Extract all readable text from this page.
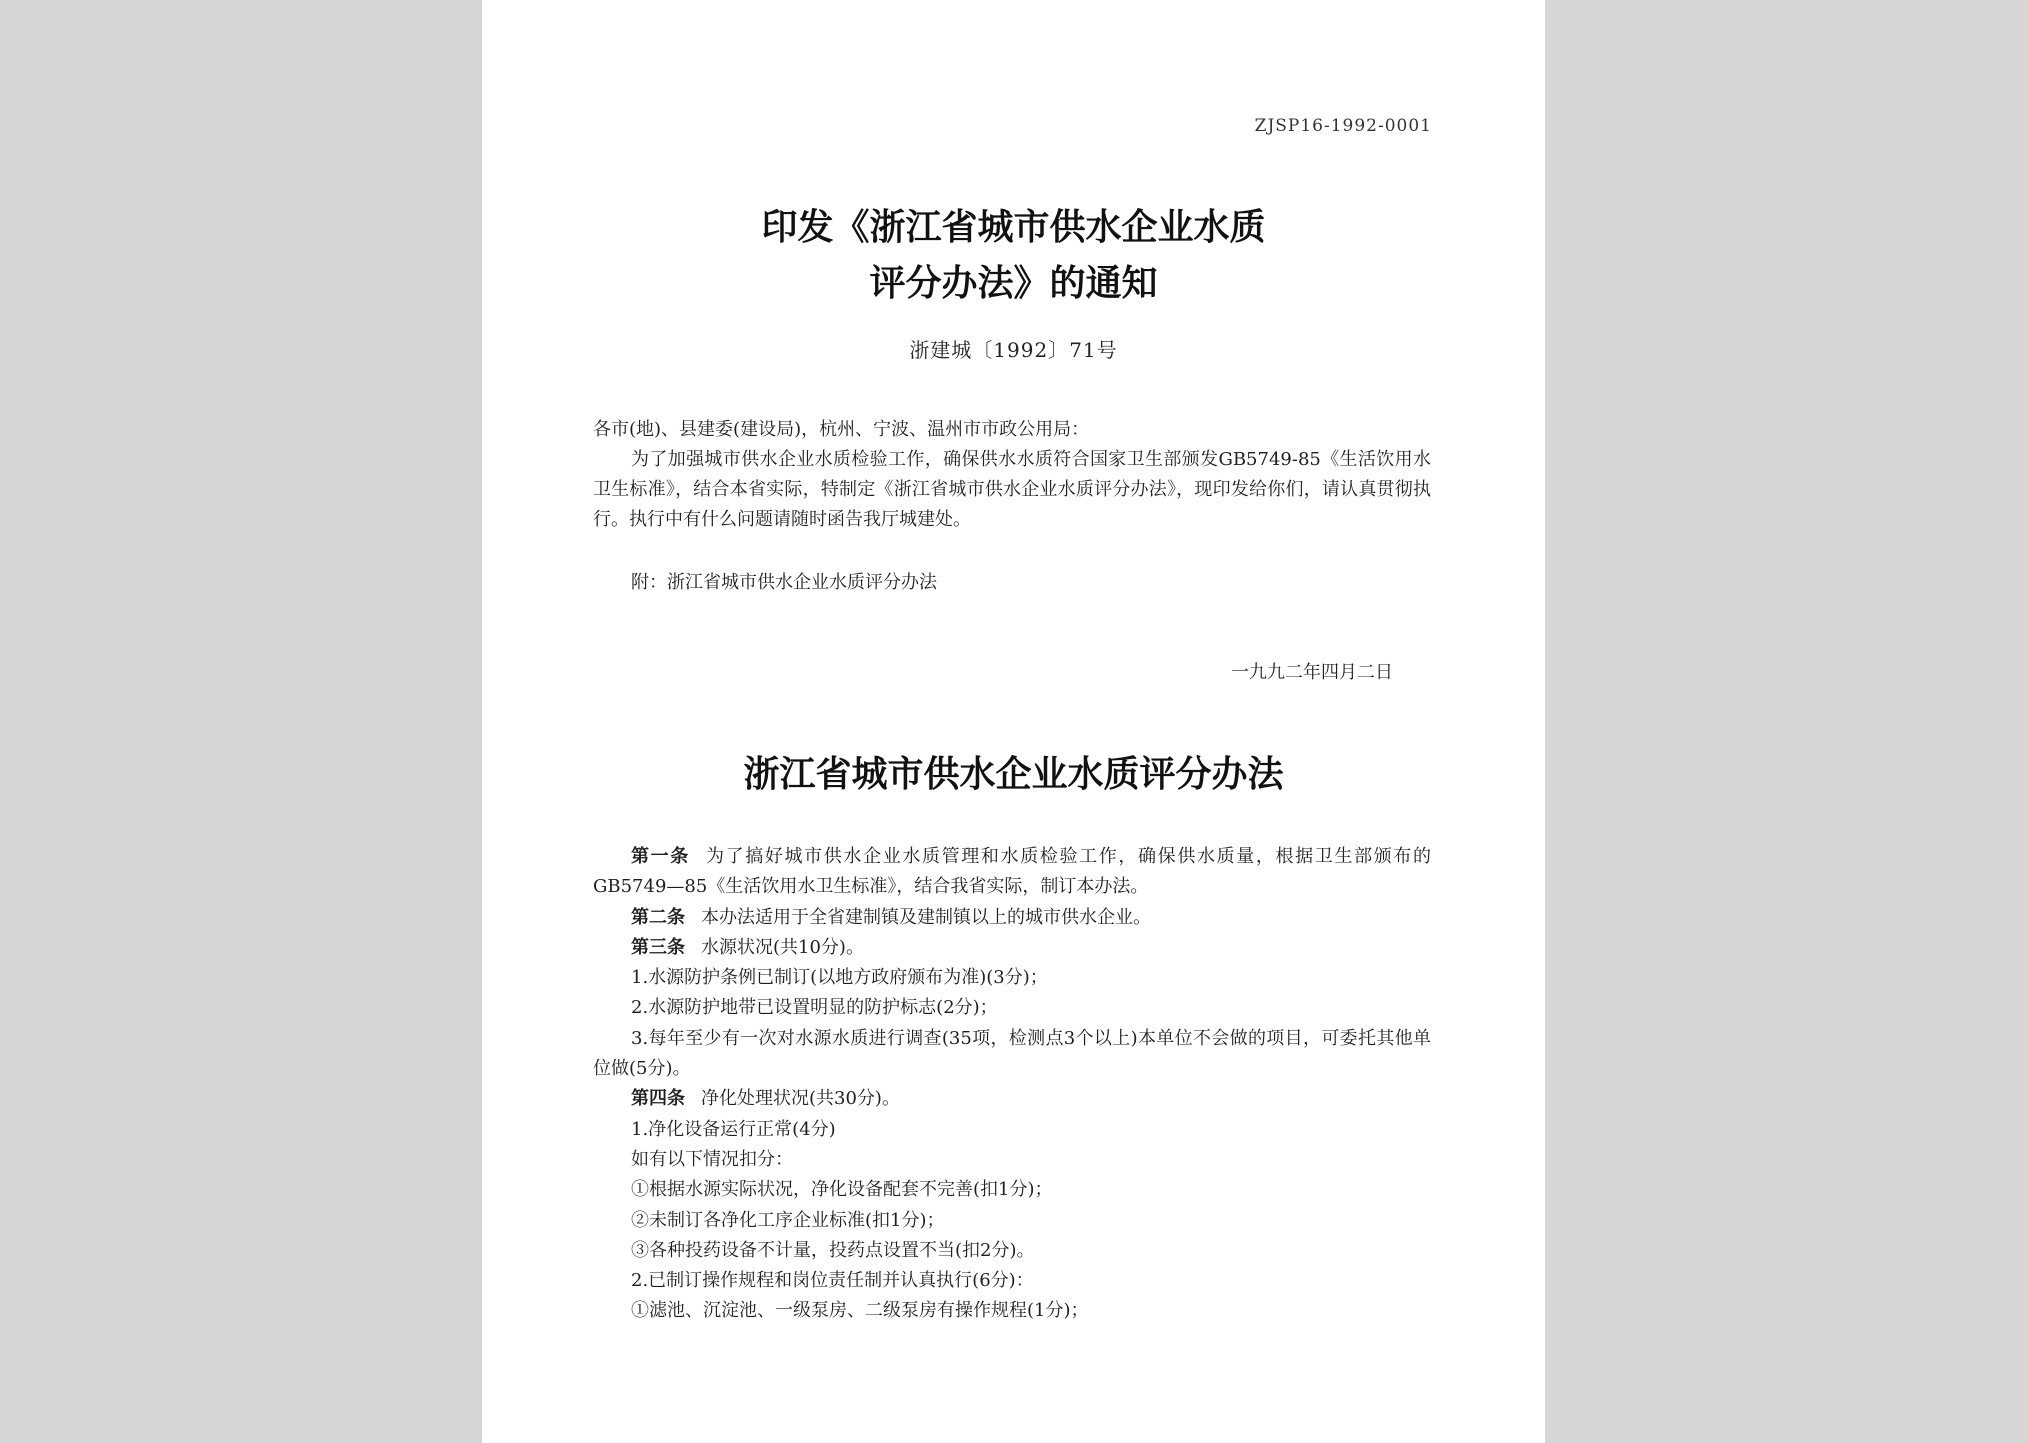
ZJSP16-1992-0001
印发《浙江省城市供水企业水质
评分办法》的通知
浙建城〔1992〕71号

各市(地)、县建委(建设局)，杭州、宁波、温州市市政公用局：

为了加强城市供水企业水质检验工作，确保供水水质符合国家卫生部颁发GB5749-85《生活饮用水卫生标准》，结合本省实际，特制定《浙江省城市供水企业水质评分办法》，现印发给你们，请认真贯彻执行。执行中有什么问题请随时函告我厅城建处。

附：浙江省城市供水企业水质评分办法
一九九二年四月二日
浙江省城市供水企业水质评分办法

第一条 为了搞好城市供水企业水质管理和水质检验工作，确保供水质量，根据卫生部颁布的GB5749—85《生活饮用水卫生标准》，结合我省实际，制订本办法。

第二条 本办法适用于全省建制镇及建制镇以上的城市供水企业。

第三条 水源状况(共10分)。

1.水源防护条例已制订(以地方政府颁布为准)(3分)；

2.水源防护地带已设置明显的防护标志(2分)；

3.每年至少有一次对水源水质进行调查(35项，检测点3个以上)本单位不会做的项目，可委托其他单位做(5分)。

第四条 净化处理状况(共30分)。

1.净化设备运行正常(4分)

如有以下情况扣分：

①根据水源实际状况，净化设备配套不完善(扣1分)；

②未制订各净化工序企业标准(扣1分)；

③各种投药设备不计量，投药点设置不当(扣2分)。

2.已制订操作规程和岗位责任制并认真执行(6分)：

①滤池、沉淀池、一级泵房、二级泵房有操作规程(1分)；
